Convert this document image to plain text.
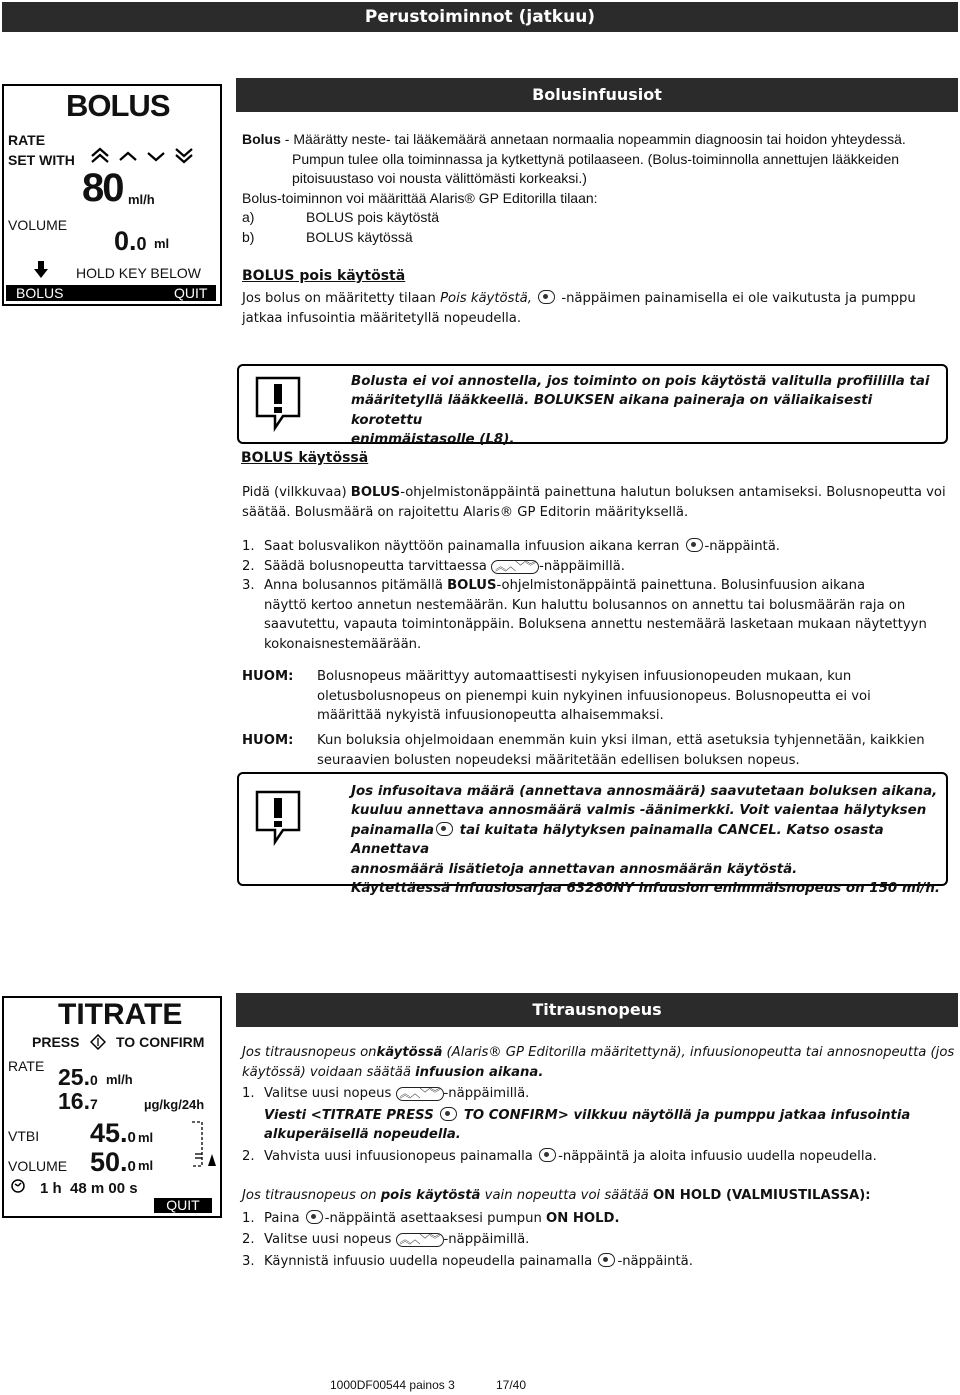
Perustoiminnot (jatkuu)
BOLUS
RATE
SET WITH
80 ml/h
VOLUME
0.0 ml
HOLD KEY BELOW
BOLUS	QUIT
Bolusinfuusiot
Bolus - Määrätty neste- tai lääkemäärä annetaan normaalia nopeammin diagnoosin tai hoidon yhteydessä.
Pumpun tulee olla toiminnassa ja kytkettynä potilaaseen. (Bolus-toiminnolla annettujen lääkkeiden
pitoisuustaso voi nousta välittömästi korkeaksi.)
Bolus-toiminnon voi määrittää Alaris® GP Editorilla tilaan:
a)	BOLUS pois käytöstä
b)	BOLUS käytössä
BOLUS pois käytöstä
Jos bolus on määritetty tilaan Pois käytöstä,  -näppäimen painamisella ei ole vaikutusta ja pumppu
jatkaa infusointia määritetyllä nopeudella.
Bolusta ei voi annostella, jos toiminto on pois käytöstä valitulla profiililla tai
määritetyllä lääkkeellä. BOLUKSEN aikana paineraja on väliaikaisesti korotettu
enimmäistasolle (L8).
BOLUS käytössä
Pidä (vilkkuvaa) BOLUS-ohjelmistonäppäintä painettuna halutun boluksen antamiseksi. Bolusnopeutta voi
säätää. Bolusmäärä on rajoitettu Alaris® GP Editorin määrityksellä.
1. Saat bolusvalikon näyttöön painamalla infuusion aikana kerran -näppäintä.
2. Säädä bolusnopeutta tarvittaessa ︽︿﹀︾ -näppäimillä.
3. Anna bolusannos pitämällä BOLUS-ohjelmistonäppäintä painettuna. Bolusinfuusion aikana
näyttö kertoo annetun nestemäärän. Kun haluttu bolusannos on annettu tai bolusmäärän raja on
saavutettu, vapauta toimintonäppäin. Boluksena annettu nestemäärä lasketaan mukaan näytettyyn
kokonaisnestemäärään.
HUOM: Bolusnopeus määrittyy automaattisesti nykyisen infuusionopeuden mukaan, kun
oletusbolusnopeus on pienempi kuin nykyinen infuusionopeus. Bolusnopeutta ei voi
määrittää nykyistä infuusionopeutta alhaisemmaksi.
HUOM: Kun boluksia ohjelmoidaan enemmän kuin yksi ilman, että asetuksia tyhjennetään, kaikkien
seuraavien bolusten nopeudeksi määritetään edellisen boluksen nopeus.
Jos infusoitava määrä (annettava annosmäärä) saavutetaan boluksen aikana,
kuuluu annettava annosmäärä valmis -äänimerkki. Voit vaientaa hälytyksen
painamalla tai kuitata hälytyksen painamalla CANCEL. Katso osasta Annettava
annosmäärä lisätietoja annettavan annosmäärän käytöstä.
Käytettäessä infuusiosarjaa 63280NY infuusion enimmäisnopeus on 150 ml/h.
TITRATE
PRESS	TO CONFIRM
RATE 25.0 ml/h
16.7	µg/kg/24h
VTBI 45.0 ml
VOLUME 50.0 ml
1 h  48 m 00 s
QUIT
Titrausnopeus
Jos titrausnopeus onkäytössä (Alaris® GP Editorilla määritettynä), infuusionopeutta tai annosnopeutta (jos
käytössä) voidaan säätää infuusion aikana.
1. Valitse uusi nopeus ︽︿﹀︾ -näppäimillä.
Viesti <TITRATE PRESS TO CONFIRM> vilkkuu näytöllä ja pumppu jatkaa infusointia
alkuperäisellä nopeudella.
2. Vahvista uusi infuusionopeus painamalla -näppäintä ja aloita infuusio uudella nopeudella.
Jos titrausnopeus on pois käytöstä vain nopeutta voi säätää ON HOLD (VALMIUSTILASSA):
1. Paina -näppäintä asettaaksesi pumpun ON HOLD.
2. Valitse uusi nopeus ︽︿﹀︾ -näppäimillä.
3. Käynnistä infuusio uudella nopeudella painamalla -näppäintä.
1000DF00544 painos 3	17/40
